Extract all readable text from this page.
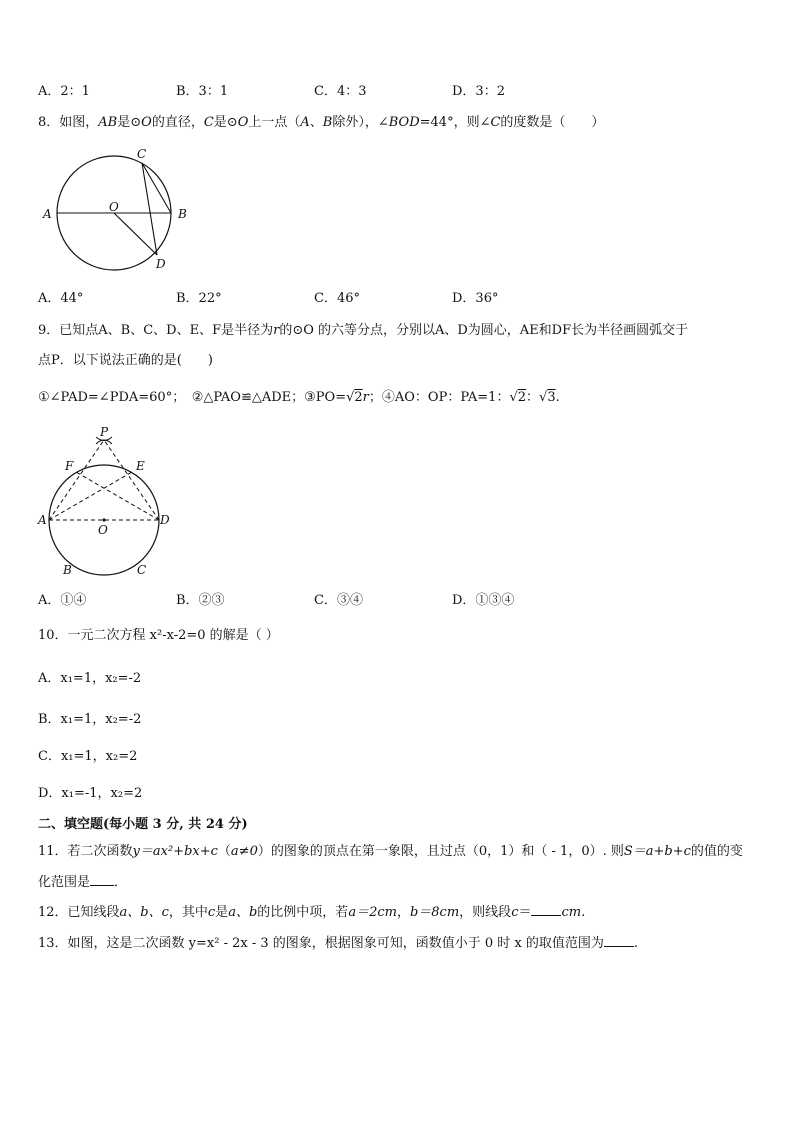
A．2：1	B．3：1	C．4：3	D．3：2
8．如图，AB是⊙O的直径，C是⊙O上一点（A、B除外），∠BOD=44°，则∠C的度数是（　　）
A	B
C
D
O
A．44°	B．22°	C．46°	D．36°
9．已知点A、B、C、D、E、F是半径为r的⊙O 的六等分点，分别以A、D为圆心，AE和DF长为半径画圆弧交于
点P．以下说法正确的是(　　)
①∠PAD=∠PDA=60°；　②△PAO≌△ADE；③PO=√2r；④AO：OP：PA=1：√2：√3.
P
F	E
A	D
O
B	C
A．①④	B．②③	C．③④	D．①③④
10．一元二次方程 x²-x-2=0 的解是（ ）
A．x₁=1，x₂=-2
B．x₁=1，x₂=-2
C．x₁=1，x₂=2
D．x₁=-1，x₂=2
二、填空题(每小题 3 分, 共 24 分)
11．若二次函数y＝ax²+bx+c（a≠0）的图象的顶点在第一象限，且过点（0，1）和（ - 1，0）. 则S＝a+b+c的值的变
化范围是 ．
12．已知线段a、b、c，其中c是a、b的比例中项，若a＝2cm，b＝8cm，则线段c＝ cm.
13．如图，这是二次函数 y=x² - 2x - 3 的图象，根据图象可知，函数值小于 0 时 x 的取值范围为 .
